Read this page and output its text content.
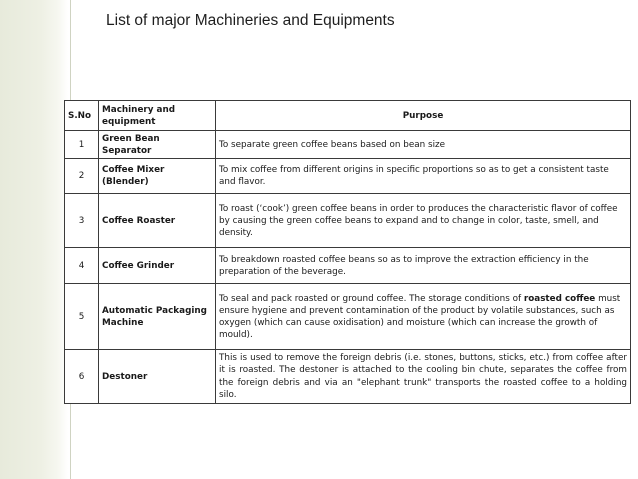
List of major Machineries and Equipments
S.No	Machinery and equipment	Purpose
1	Green Bean Separator	To separate green coffee beans based on bean size
2	Coffee Mixer (Blender)	To mix coffee from different origins in specific proportions so as to get a consistent taste and flavor.
3	Coffee Roaster	To roast (‘cook’) green coffee beans in order to produces the characteristic flavor of coffee by causing the green coffee beans to expand and to change in color, taste, smell, and density.
4	Coffee Grinder	To breakdown roasted coffee beans so as to improve the extraction efficiency in the preparation of the beverage.
5	Automatic Packaging Machine	To seal and pack roasted or ground coffee. The storage conditions of roasted coffee must ensure hygiene and prevent contamination of the product by volatile substances, such as oxygen (which can cause oxidisation) and moisture (which can increase the growth of mould).
6	Destoner	This is used to remove the foreign debris (i.e. stones, buttons, sticks, etc.) from coffee after it is roasted. The destoner is attached to the cooling bin chute, separates the coffee from the foreign debris and via an "elephant trunk" transports the roasted coffee to a holding silo.
